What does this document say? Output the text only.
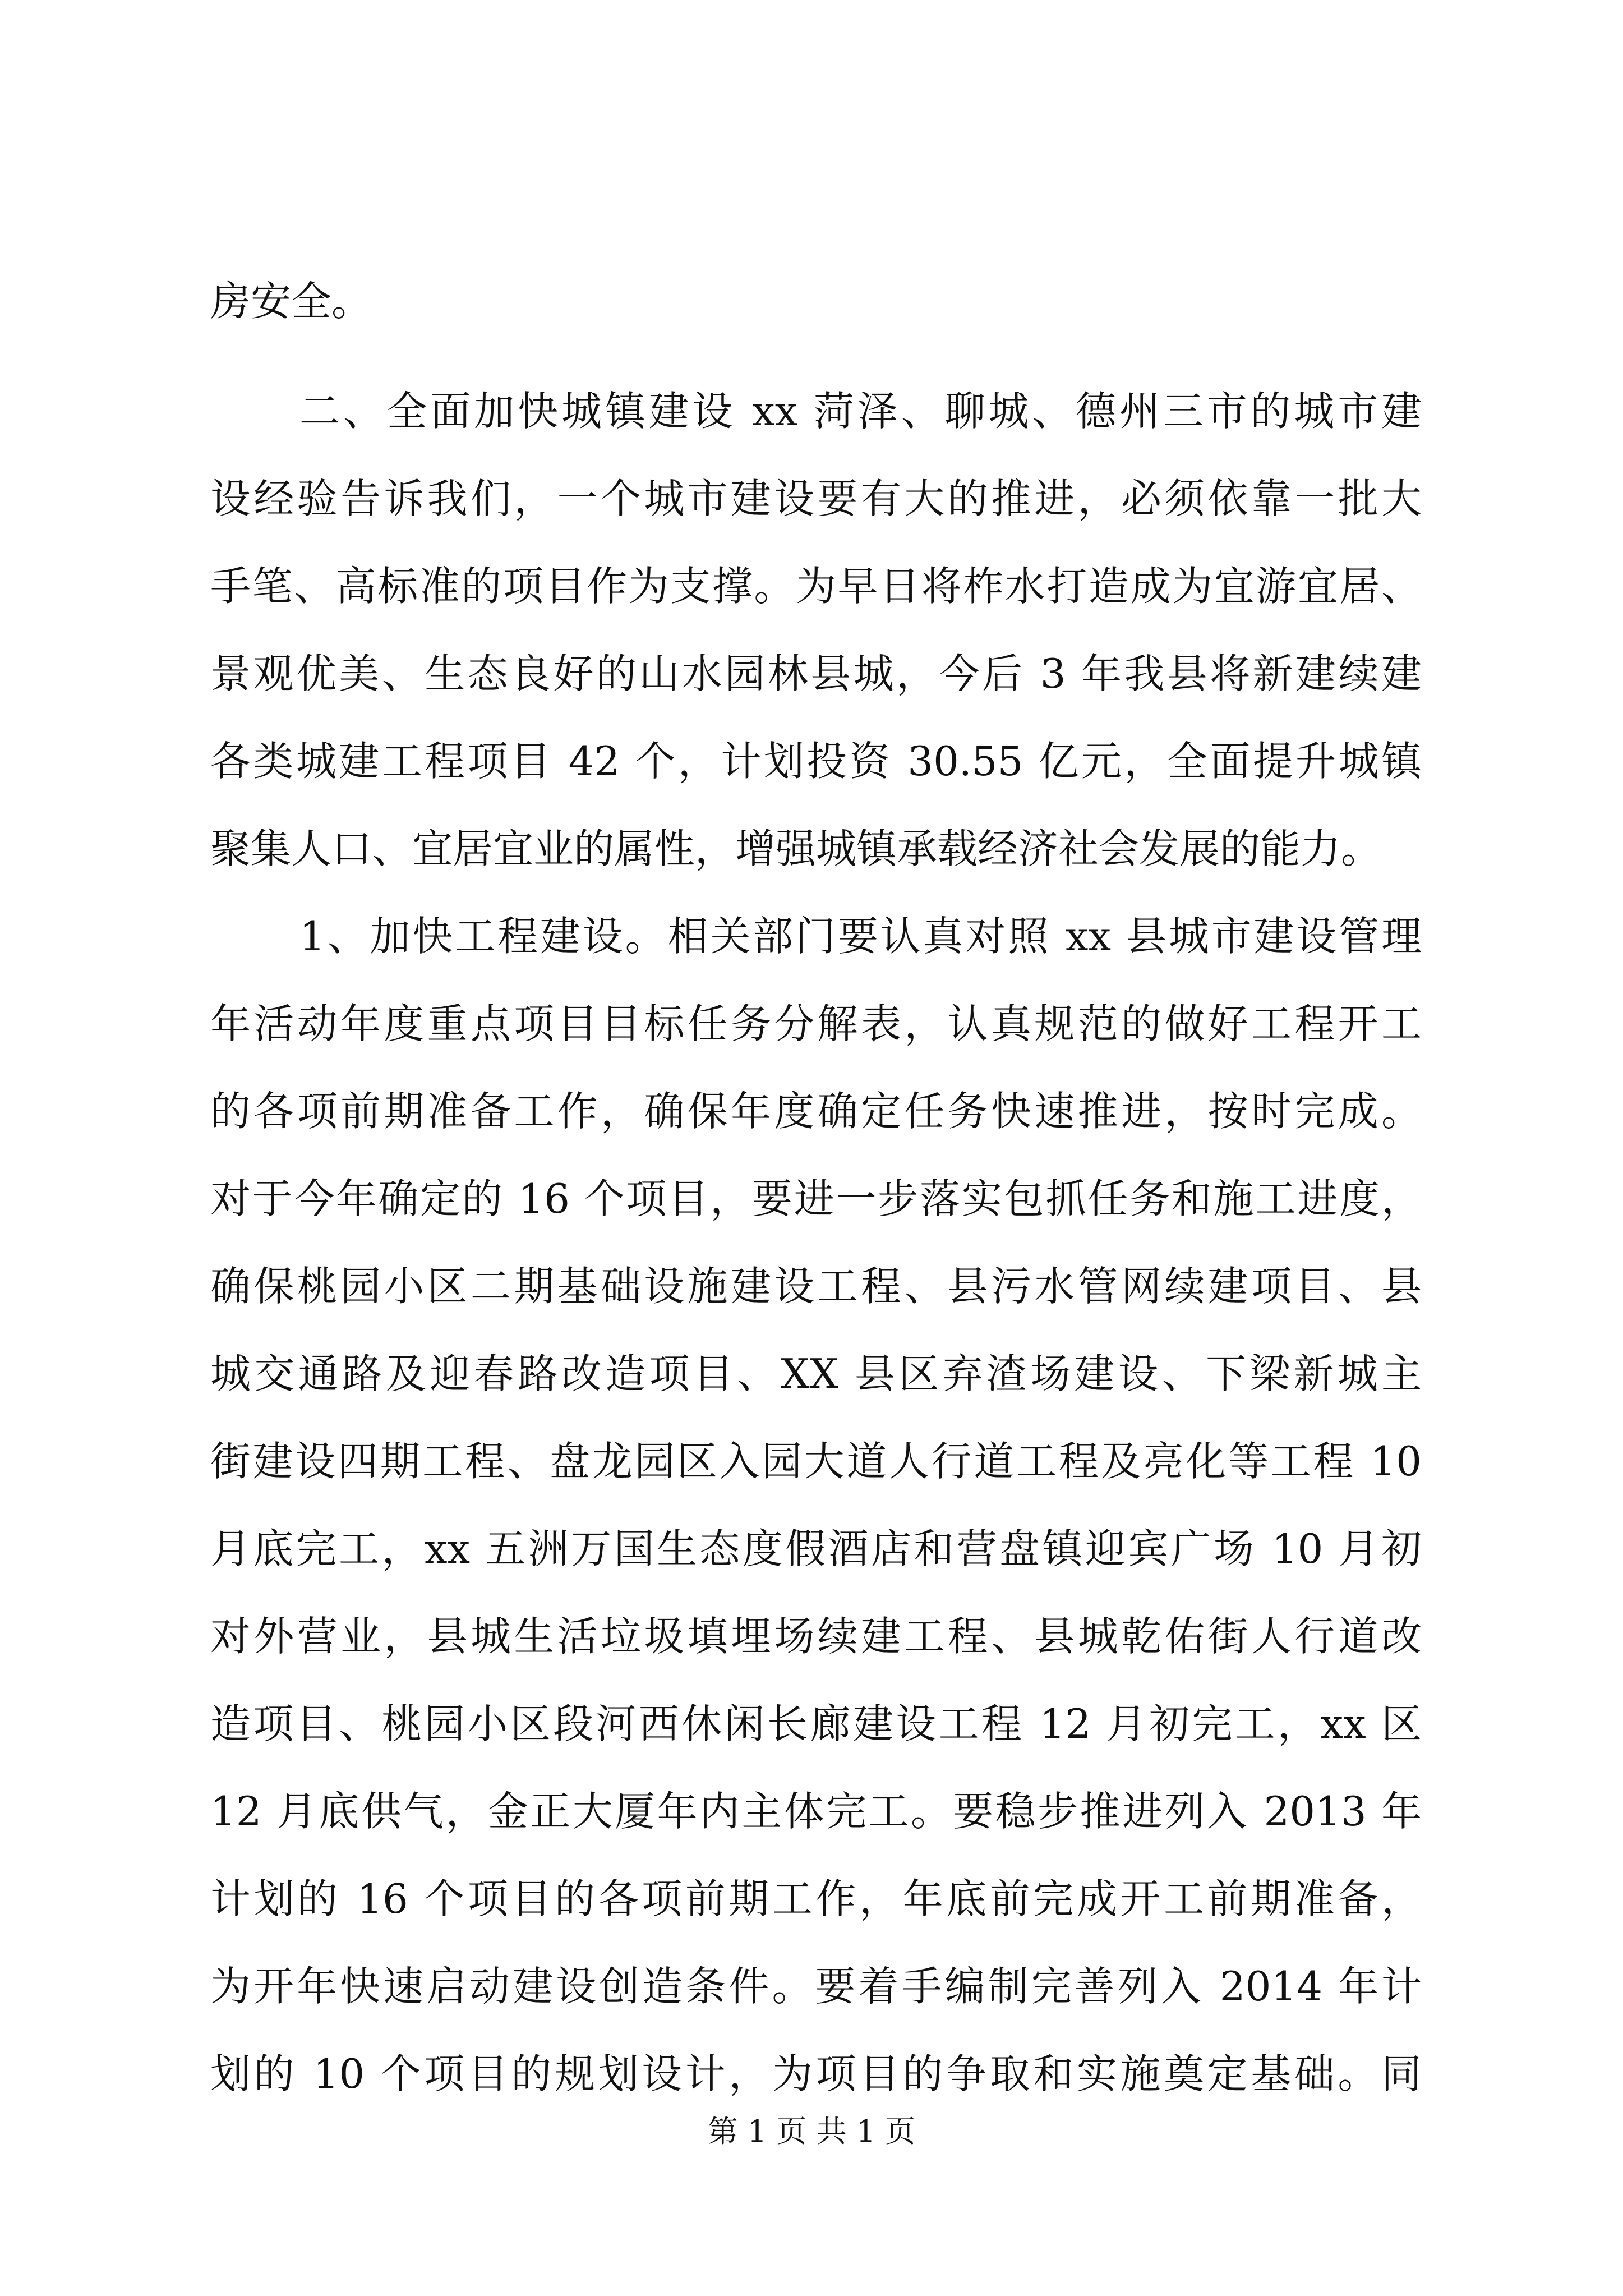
房安全。
二、全面加快城镇建设 xx 菏泽、聊城、德州三市的城市建
设经验告诉我们，一个城市建设要有大的推进，必须依靠一批大
手笔、高标准的项目作为支撑。为早日将柞水打造成为宜游宜居、
景观优美、生态良好的山水园林县城，今后 3 年我县将新建续建
各类城建工程项目 42 个，计划投资 30.55 亿元，全面提升城镇
聚集人口、宜居宜业的属性，增强城镇承载经济社会发展的能力。
1、加快工程建设。相关部门要认真对照 xx 县城市建设管理
年活动年度重点项目目标任务分解表，认真规范的做好工程开工
的各项前期准备工作，确保年度确定任务快速推进，按时完成。
对于今年确定的 16 个项目，要进一步落实包抓任务和施工进度，
确保桃园小区二期基础设施建设工程、县污水管网续建项目、县
城交通路及迎春路改造项目、XX 县区弃渣场建设、下梁新城主
街建设四期工程、盘龙园区入园大道人行道工程及亮化等工程 10
月底完工，xx 五洲万国生态度假酒店和营盘镇迎宾广场 10 月初
对外营业，县城生活垃圾填埋场续建工程、县城乾佑街人行道改
造项目、桃园小区段河西休闲长廊建设工程 12 月初完工，xx 区
12 月底供气，金正大厦年内主体完工。要稳步推进列入 2013 年
计划的 16 个项目的各项前期工作，年底前完成开工前期准备，
为开年快速启动建设创造条件。要着手编制完善列入 2014 年计
划的 10 个项目的规划设计，为项目的争取和实施奠定基础。同
第 1 页 共 1 页
